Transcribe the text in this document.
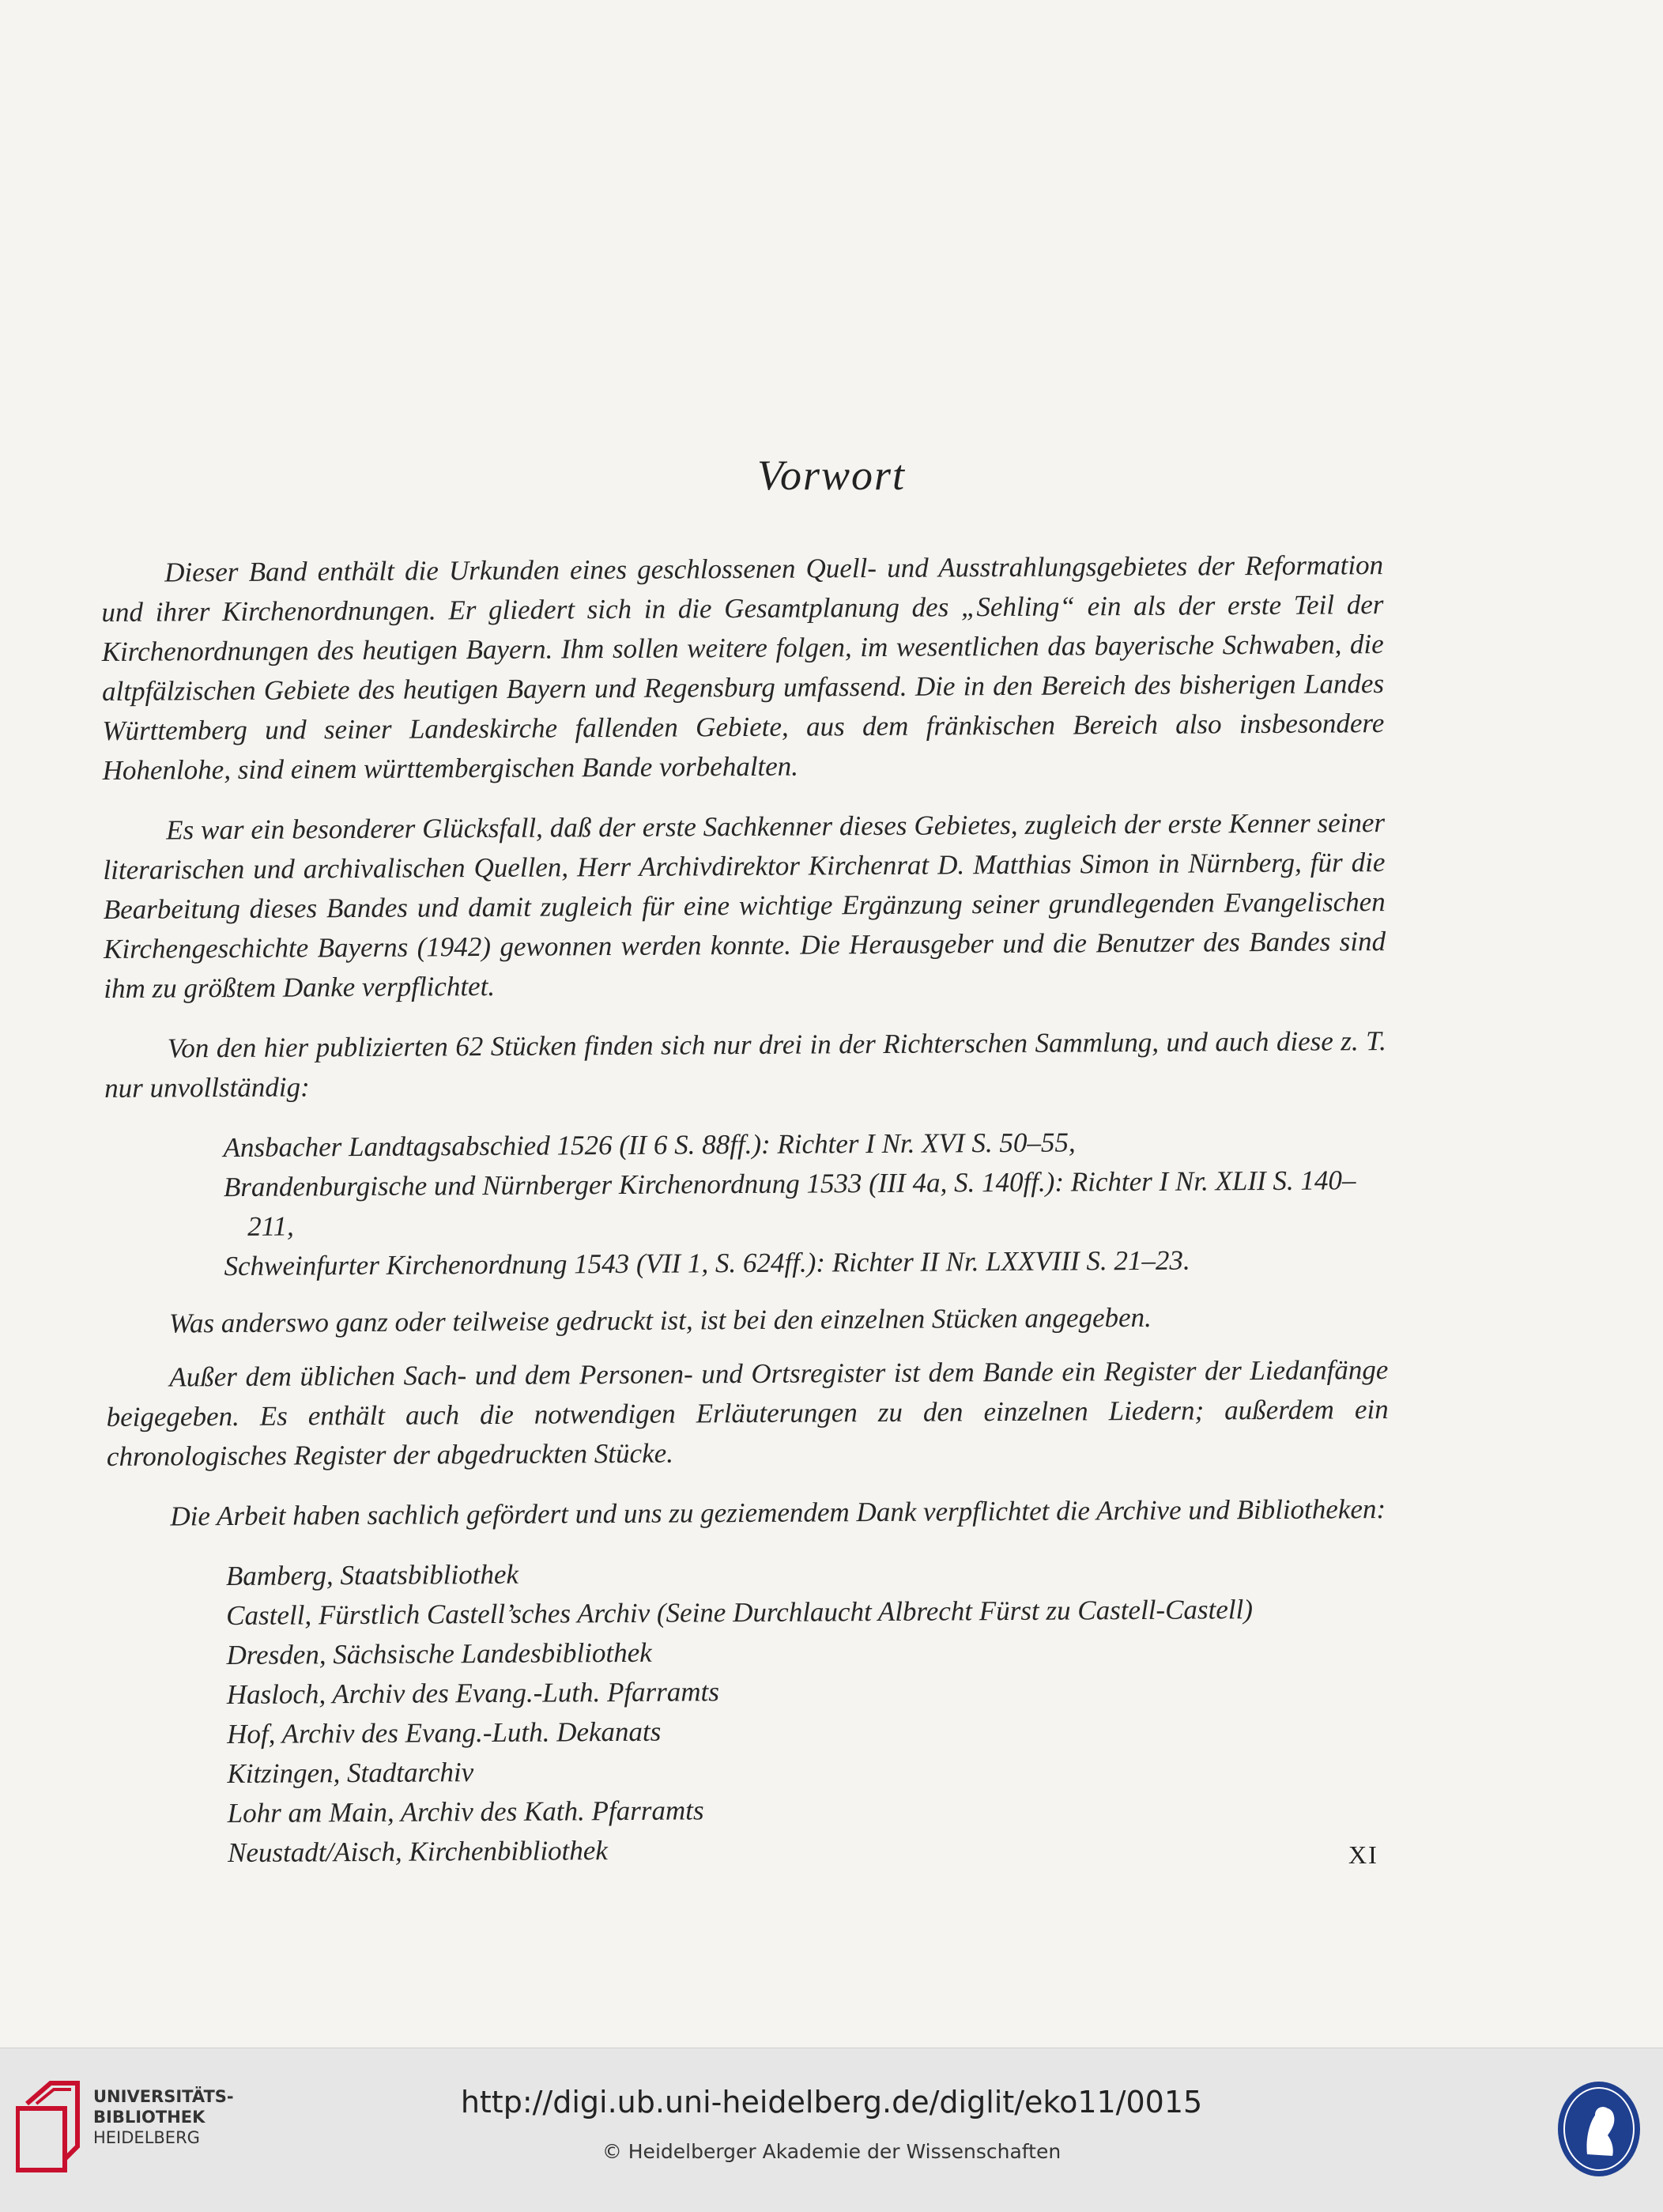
Vorwort

Dieser Band enthält die Urkunden eines geschlossenen Quell- und Ausstrahlungsgebietes der Reformation und ihrer Kirchenordnungen. Er gliedert sich in die Gesamtplanung des „Sehling“ ein als der erste Teil der Kirchenordnungen des heutigen Bayern. Ihm sollen weitere folgen, im wesentlichen das bayerische Schwaben, die altpfälzischen Gebiete des heutigen Bayern und Regensburg umfassend. Die in den Bereich des bisherigen Landes Württemberg und seiner Landeskirche fallenden Gebiete, aus dem fränkischen Bereich also insbesondere Hohenlohe, sind einem württembergischen Bande vorbehalten.

Es war ein besonderer Glücksfall, daß der erste Sachkenner dieses Gebietes, zugleich der erste Kenner seiner literarischen und archivalischen Quellen, Herr Archivdirektor Kirchenrat D. Matthias Simon in Nürnberg, für die Bearbeitung dieses Bandes und damit zugleich für eine wichtige Ergänzung seiner grundlegenden Evangelischen Kirchengeschichte Bayerns (1942) gewonnen werden konnte. Die Herausgeber und die Benutzer des Bandes sind ihm zu größtem Danke verpflichtet.

Von den hier publizierten 62 Stücken finden sich nur drei in der Richterschen Sammlung, und auch diese z. T. nur unvollständig:

Ansbacher Landtagsabschied 1526 (II 6 S. 88ff.): Richter I Nr. XVI S. 50–55,
Brandenburgische und Nürnberger Kirchenordnung 1533 (III 4a, S. 140ff.): Richter I Nr. XLII S. 140–211,
Schweinfurter Kirchenordnung 1543 (VII 1, S. 624ff.): Richter II Nr. LXXVIII S. 21–23.

Was anderswo ganz oder teilweise gedruckt ist, ist bei den einzelnen Stücken angegeben.

Außer dem üblichen Sach- und dem Personen- und Ortsregister ist dem Bande ein Register der Liedanfänge beigegeben. Es enthält auch die notwendigen Erläuterungen zu den einzelnen Liedern; außerdem ein chronologisches Register der abgedruckten Stücke.

Die Arbeit haben sachlich gefördert und uns zu geziemendem Dank verpflichtet die Archive und Bibliotheken:

Bamberg, Staatsbibliothek
Castell, Fürstlich Castell’sches Archiv (Seine Durchlaucht Albrecht Fürst zu Castell-Castell)
Dresden, Sächsische Landesbibliothek
Hasloch, Archiv des Evang.-Luth. Pfarramts
Hof, Archiv des Evang.-Luth. Dekanats
Kitzingen, Stadtarchiv
Lohr am Main, Archiv des Kath. Pfarramts
Neustadt/Aisch, Kirchenbibliothek	XI
UNIVERSITÄTS-
BIBLIOTHEK
HEIDELBERG
http://digi.ub.uni-heidelberg.de/diglit/eko11/0015
© Heidelberger Akademie der Wissenschaften
